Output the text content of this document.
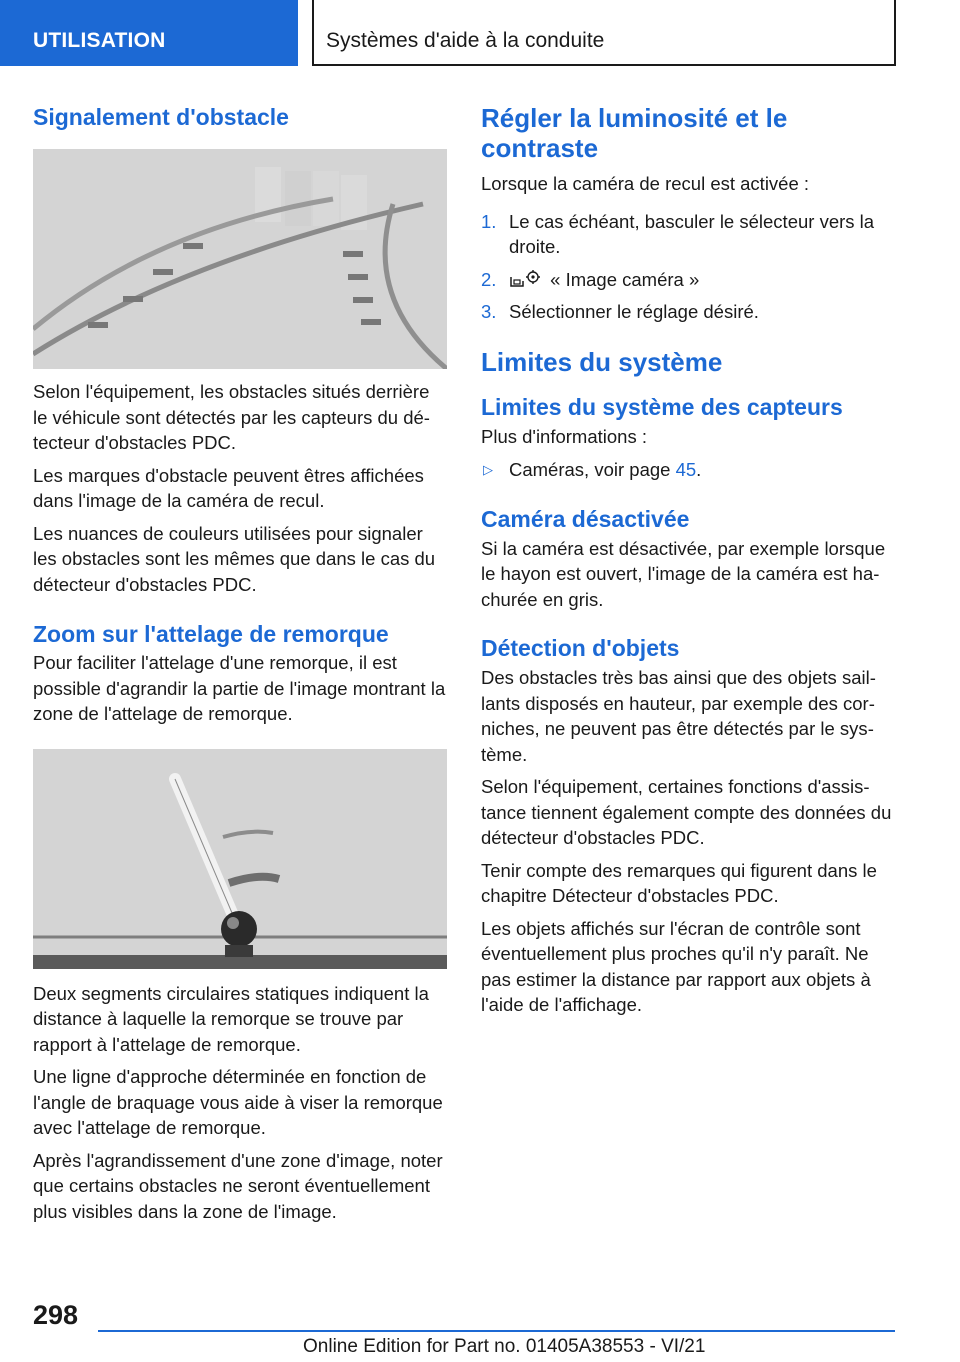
UTILISATION	Systèmes d'aide à la conduite
Signalement d'obstacle

Selon l'équipement, les obstacles situés derrière le véhicule sont détectés par les capteurs du détecteur d'obstacles PDC.

Les marques d'obstacle peuvent êtres affichées dans l'image de la caméra de recul.

Les nuances de couleurs utilisées pour signaler les obstacles sont les mêmes que dans le cas du détecteur d'obstacles PDC.

Zoom sur l'attelage de remorque

Pour faciliter l'attelage d'une remorque, il est possible d'agrandir la partie de l'image montrant la zone de l'attelage de remorque.

Deux segments circulaires statiques indiquent la distance à laquelle la remorque se trouve par rapport à l'attelage de remorque.

Une ligne d'approche déterminée en fonction de l'angle de braquage vous aide à viser la remorque avec l'attelage de remorque.

Après l'agrandissement d'une zone d'image, noter que certains obstacles ne seront éventuellement plus visibles dans la zone de l'image.

Régler la luminosité et le contraste

Lorsque la caméra de recul est activée :

1. Le cas échéant, basculer le sélecteur vers la droite.
2.	« Image caméra »
3. Sélectionner le réglage désiré.
Limites du système
Limites du système des capteurs

Plus d'informations :

▷ Caméras, voir page 45.
Caméra désactivée

Si la caméra est désactivée, par exemple lorsque le hayon est ouvert, l'image de la caméra est hachurée en gris.

Détection d'objets

Des obstacles très bas ainsi que des objets saillants disposés en hauteur, par exemple des corniches, ne peuvent pas être détectés par le système.

Selon l'équipement, certaines fonctions d'assistance tiennent également compte des données du détecteur d'obstacles PDC.

Tenir compte des remarques qui figurent dans le chapitre Détecteur d'obstacles PDC.

Les objets affichés sur l'écran de contrôle sont éventuellement plus proches qu'il n'y paraît. Ne pas estimer la distance par rapport aux objets à l'aide de l'affichage.

298
Online Edition for Part no. 01405A38553 - VI/21
